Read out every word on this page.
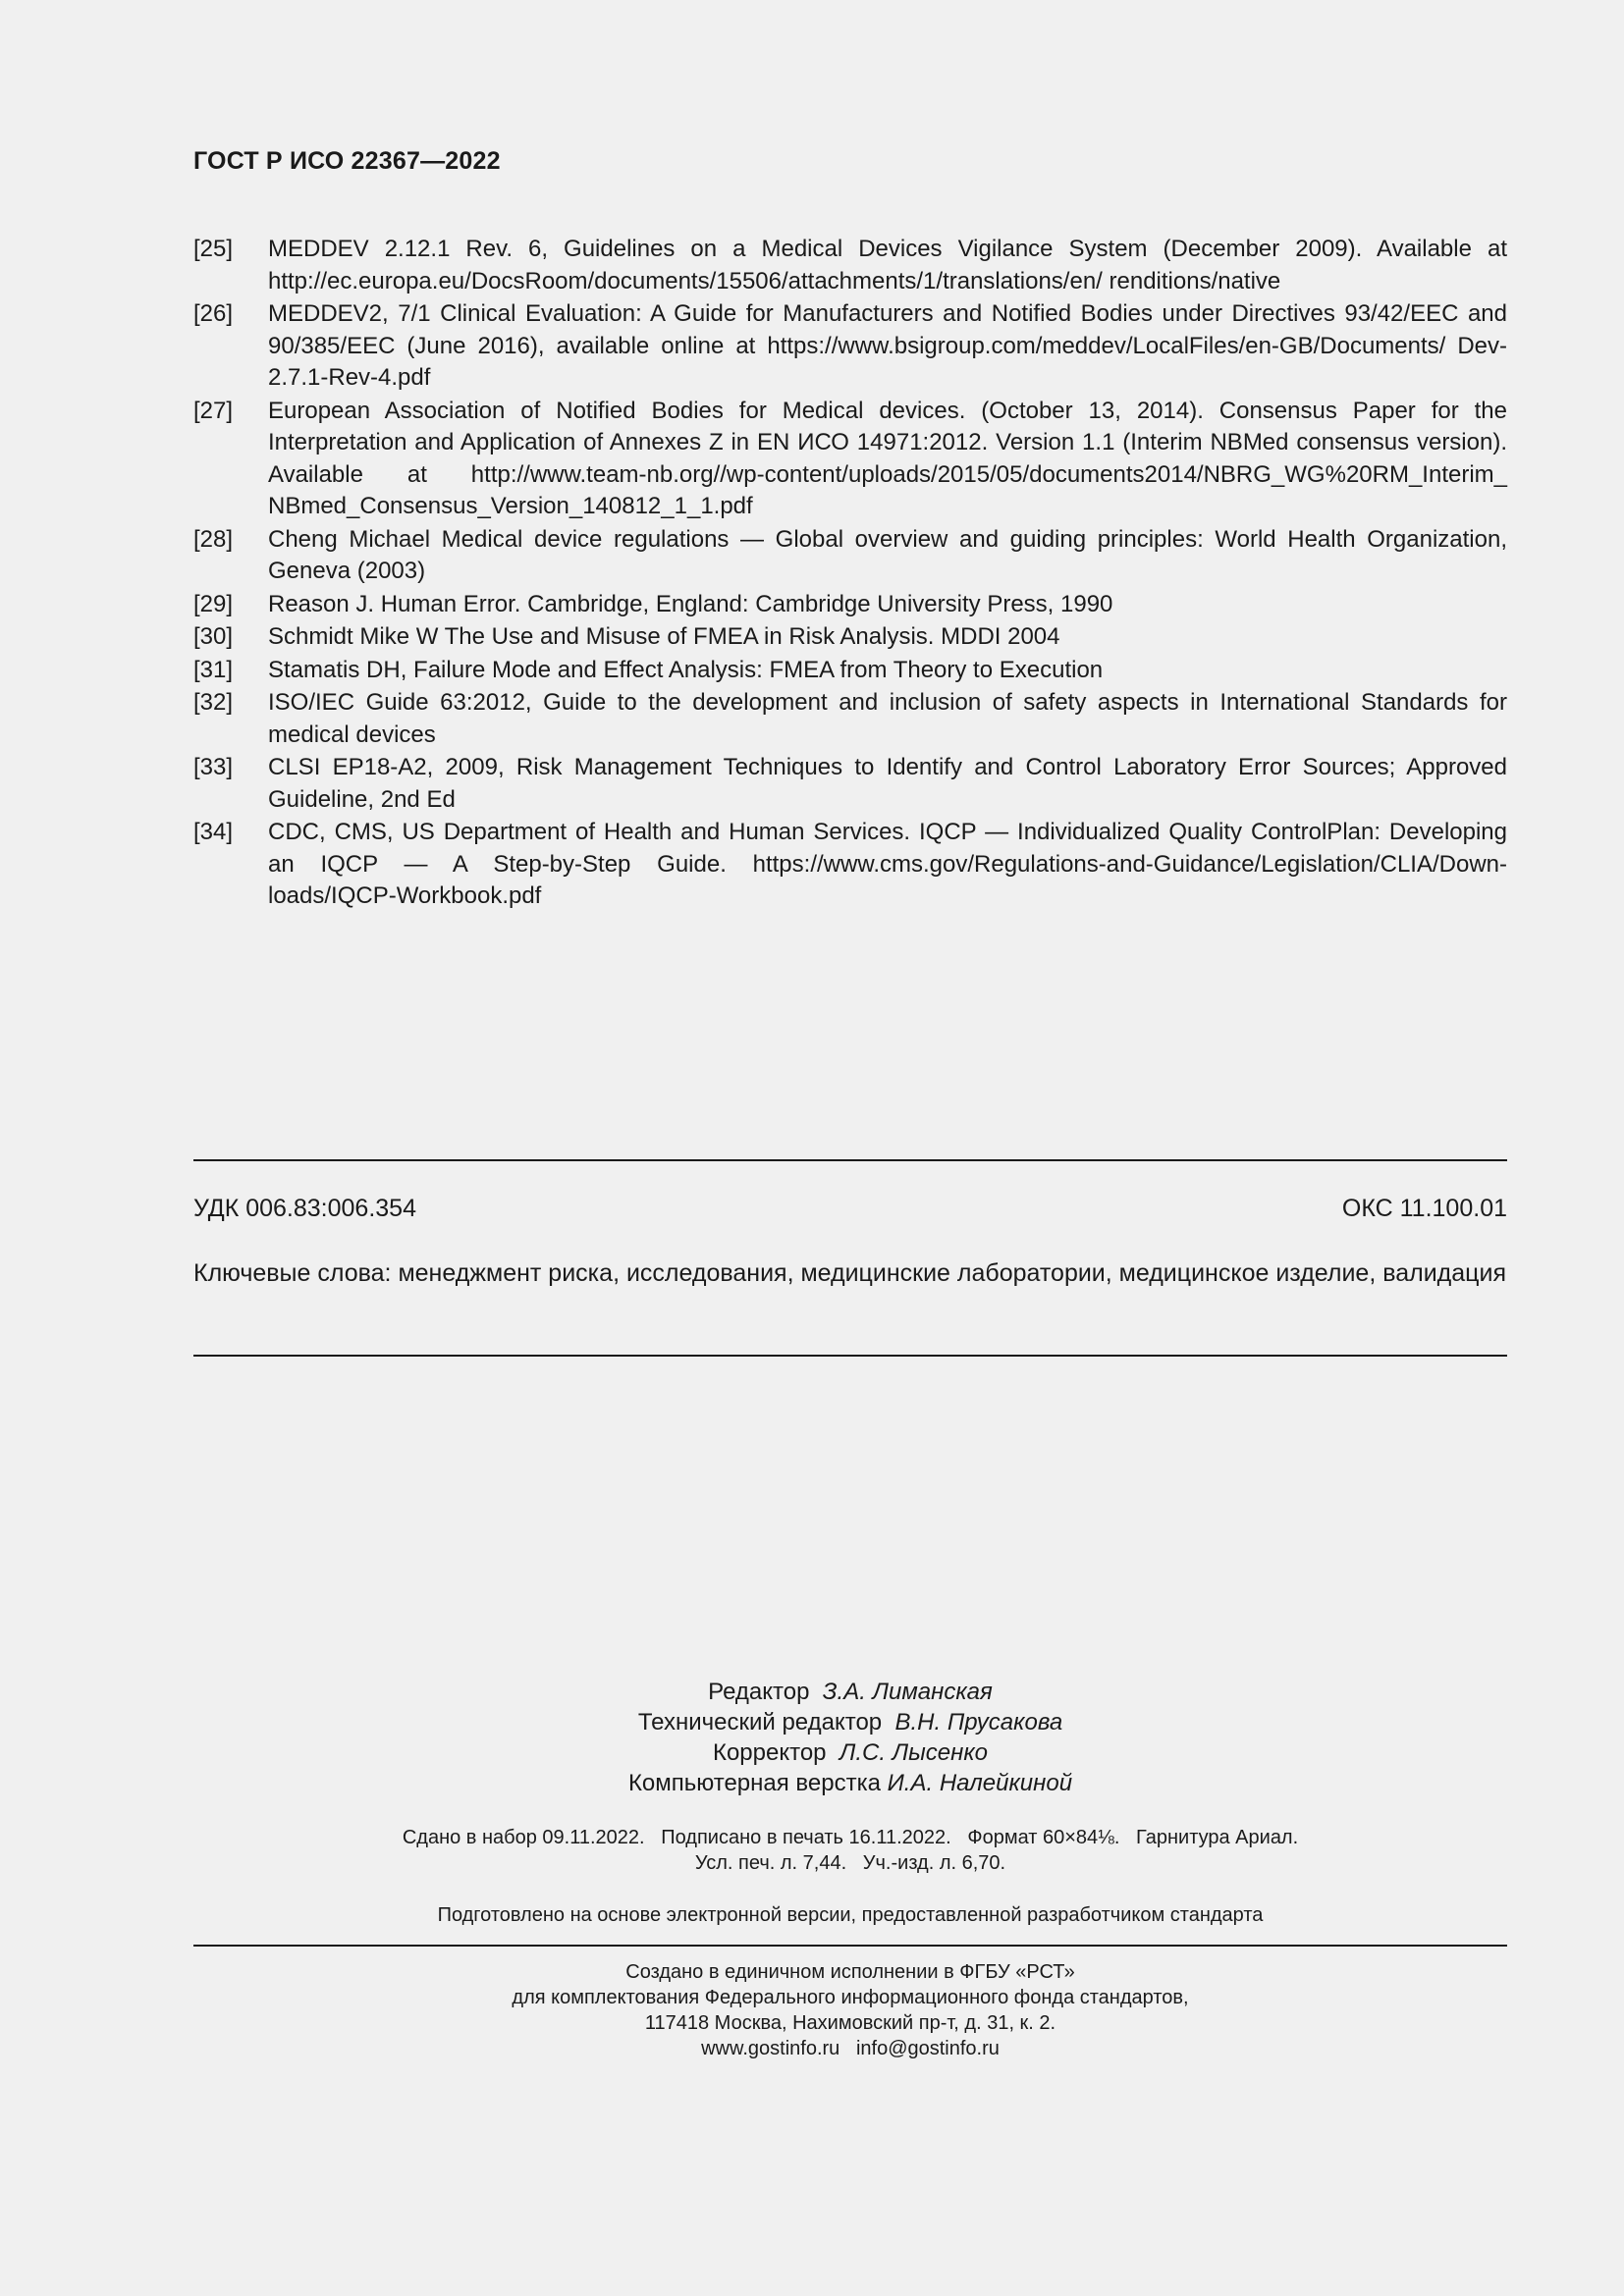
ГОСТ Р ИСО 22367—2022
[25]	MEDDEV 2.12.1 Rev. 6, Guidelines on a Medical Devices Vigilance System (December 2009). Available at http://ec.europa.eu/DocsRoom/documents/15506/attachments/1/translations/en/ renditions/native
[26]	MEDDEV2, 7/1 Clinical Evaluation: A Guide for Manufacturers and Notified Bodies under Directives 93/42/EEC and 90/385/EEC (June 2016), available online at https://www.bsigroup.com/meddev/LocalFiles/en-GB/Documents/ Dev-2.7.1-Rev-4.pdf
[27]	European Association of Notified Bodies for Medical devices. (October 13, 2014). Consensus Paper for the Interpretation and Application of Annexes Z in EN ИСО 14971:2012. Version 1.1 (Interim NBMed consensus version). Available at http://www.team-nb.org//wp-content/uploads/2015/05/documents2014/NBRG_WG%20RM_Interim_ NBmed_Consensus_Version_140812_1_1.pdf
[28]	Cheng Michael Medical device regulations — Global overview and guiding principles: World Health Organization, Geneva (2003)
[29]	Reason J. Human Error. Cambridge, England: Cambridge University Press, 1990
[30]	Schmidt Mike W The Use and Misuse of FMEA in Risk Analysis. MDDI 2004
[31]	Stamatis DH, Failure Mode and Effect Analysis: FMEA from Theory to Execution
[32]	ISO/IEC Guide 63:2012, Guide to the development and inclusion of safety aspects in International Standards for medical devices
[33]	CLSI EP18-A2, 2009, Risk Management Techniques to Identify and Control Laboratory Error Sources; Approved Guideline, 2nd Ed
[34]	CDC, CMS, US Department of Health and Human Services. IQCP — Individualized Quality ControlPlan: Developing an IQCP — A Step-by-Step Guide. https://www.cms.gov/Regulations-and-Guidance/Legislation/CLIA/Down- loads/IQCP-Workbook.pdf
УДК 006.83:006.354	ОКС 11.100.01
Ключевые слова: менеджмент риска, исследования, медицинские лаборатории, медицинское изделие, валидация
Редактор З.А. Лиманская
Технический редактор В.Н. Прусакова
Корректор Л.С. Лысенко
Компьютерная верстка И.А. Налейкиной
Сдано в набор 09.11.2022.   Подписано в печать 16.11.2022.   Формат 60×84⅛.   Гарнитура Ариал.
Усл. печ. л. 7,44.   Уч.-изд. л. 6,70.
Подготовлено на основе электронной версии, предоставленной разработчиком стандарта
Создано в единичном исполнении в ФГБУ «РСТ»
для комплектования Федерального информационного фонда стандартов,
117418 Москва, Нахимовский пр-т, д. 31, к. 2.
www.gostinfo.ru   info@gostinfo.ru
